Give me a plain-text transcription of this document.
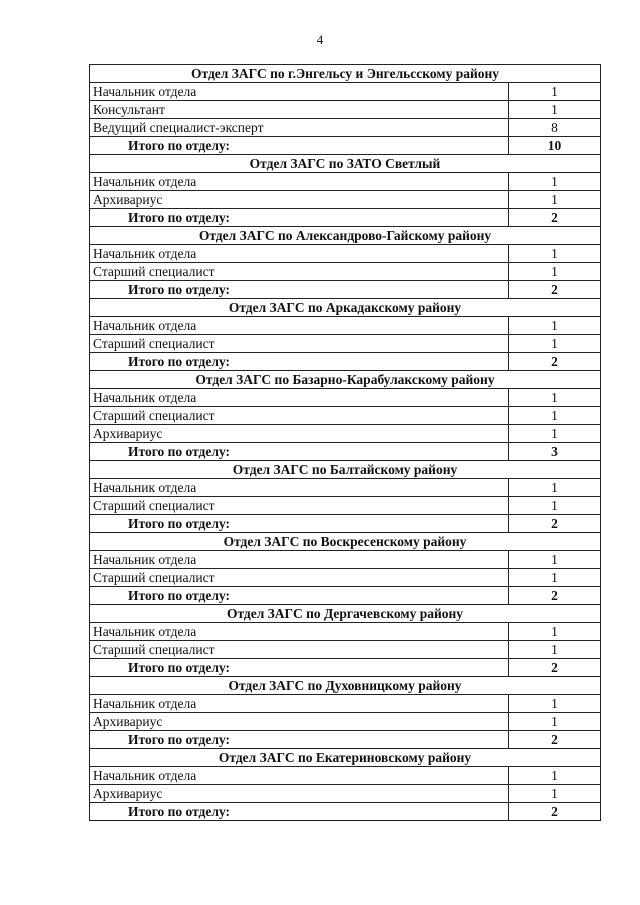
4
Отдел ЗАГС по г.Энгельсу и Энгельсскому району	
Начальник отдела	1
Консультант	1
Ведущий специалист-эксперт	8
Итого по отделу:	10
Отдел ЗАГС по ЗАТО Светлый	
Начальник отдела	1
Архивариус	1
Итого по отделу:	2
Отдел ЗАГС по Александрово-Гайскому району	
Начальник отдела	1
Старший специалист	1
Итого по отделу:	2
Отдел ЗАГС по Аркадакскому району	
Начальник отдела	1
Старший специалист	1
Итого по отделу:	2
Отдел ЗАГС по Базарно-Карабулакскому району	
Начальник отдела	1
Старший специалист	1
Архивариус	1
Итого по отделу:	3
Отдел ЗАГС по Балтайскому району	
Начальник отдела	1
Старший специалист	1
Итого по отделу:	2
Отдел ЗАГС по Воскресенскому району	
Начальник отдела	1
Старший специалист	1
Итого по отделу:	2
Отдел ЗАГС по Дергачевскому району	
Начальник отдела	1
Старший специалист	1
Итого по отделу:	2
Отдел ЗАГС по Духовницкому району	
Начальник отдела	1
Архивариус	1
Итого по отделу:	2
Отдел ЗАГС по Екатериновскому району	
Начальник отдела	1
Архивариус	1
Итого по отделу:	2
